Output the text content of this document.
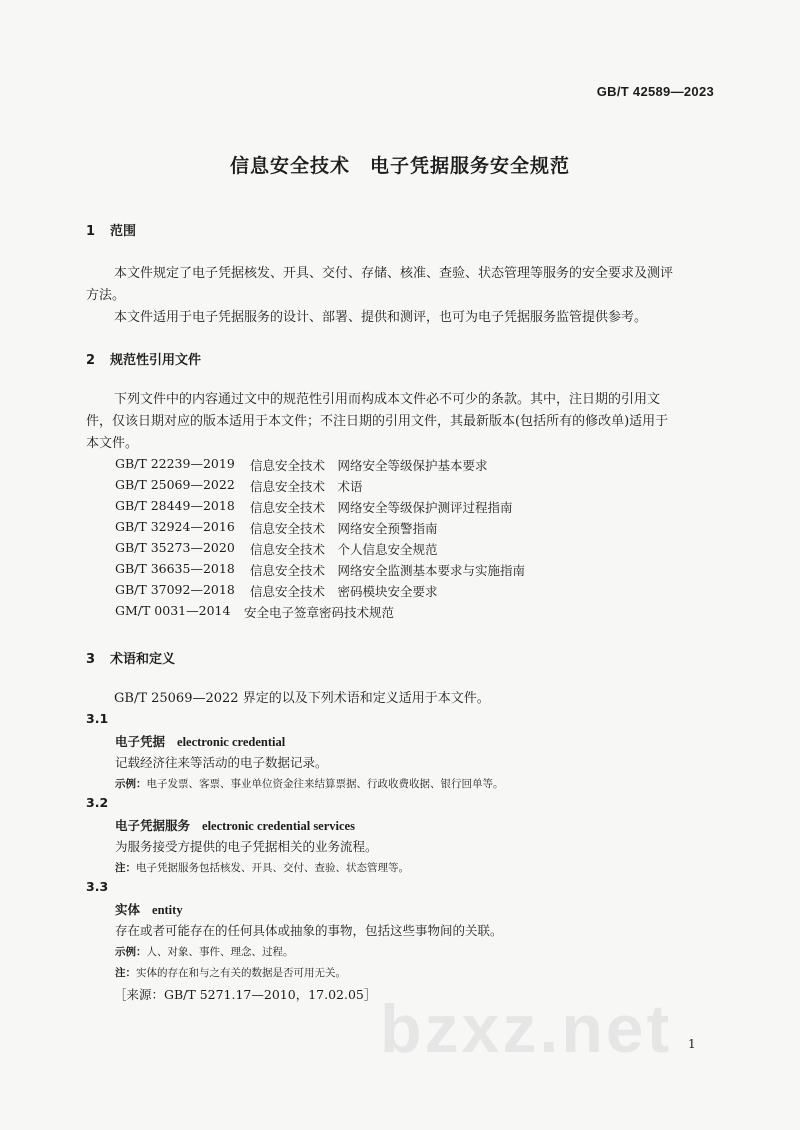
GB/T 42589—2023
信息安全技术　电子凭据服务安全规范
1 范围
本文件规定了电子凭据核发、开具、交付、存储、核准、查验、状态管理等服务的安全要求及测评
方法。
本文件适用于电子凭据服务的设计、部署、提供和测评，也可为电子凭据服务监管提供参考。
2 规范性引用文件
下列文件中的内容通过文中的规范性引用而构成本文件必不可少的条款。其中，注日期的引用文
件，仅该日期对应的版本适用于本文件；不注日期的引用文件，其最新版本(包括所有的修改单)适用于
本文件。
GB/T 22239—2019 信息安全技术　网络安全等级保护基本要求
GB/T 25069—2022 信息安全技术　术语
GB/T 28449—2018 信息安全技术　网络安全等级保护测评过程指南
GB/T 32924—2016 信息安全技术　网络安全预警指南
GB/T 35273—2020 信息安全技术　个人信息安全规范
GB/T 36635—2018 信息安全技术　网络安全监测基本要求与实施指南
GB/T 37092—2018 信息安全技术　密码模块安全要求
GM/T 0031—2014 安全电子签章密码技术规范
3 术语和定义
GB/T 25069—2022 界定的以及下列术语和定义适用于本文件。
3.1
电子凭据 electronic credential
记载经济往来等活动的电子数据记录。
示例：电子发票、客票、事业单位资金往来结算票据、行政收费收据、银行回单等。
3.2
电子凭据服务 electronic credential services
为服务接受方提供的电子凭据相关的业务流程。
注：电子凭据服务包括核发、开具、交付、查验、状态管理等。
3.3
实体 entity
存在或者可能存在的任何具体或抽象的事物，包括这些事物间的关联。
示例：人、对象、事件、理念、过程。
注：实体的存在和与之有关的数据是否可用无关。
［来源：GB/T 5271.17—2010，17.02.05］ bzxz.net 1
